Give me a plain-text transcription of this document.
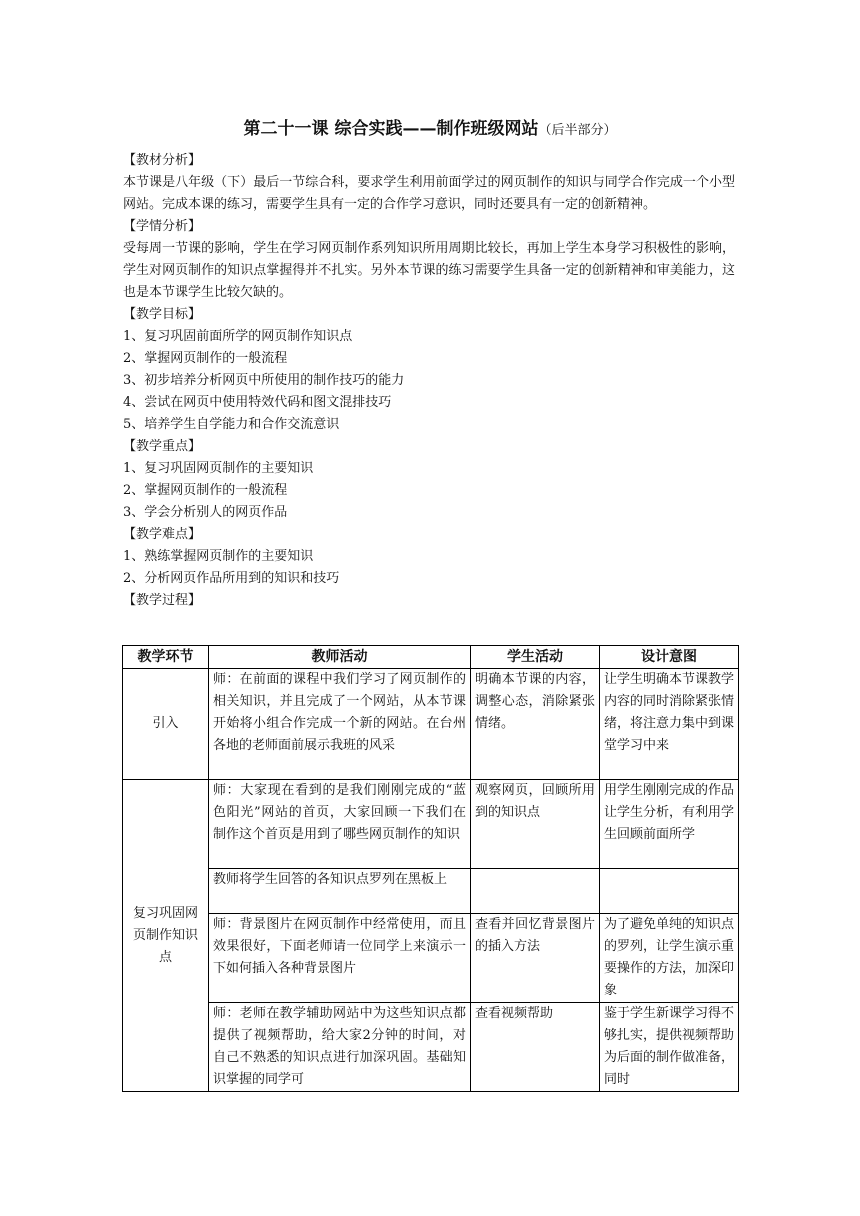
第二十一课 综合实践——制作班级网站（后半部分）
【教材分析】
本节课是八年级（下）最后一节综合科，要求学生利用前面学过的网页制作的知识与同学合作完成一个小型网站。完成本课的练习，需要学生具有一定的合作学习意识，同时还要具有一定的创新精神。
【学情分析】
受每周一节课的影响，学生在学习网页制作系列知识所用周期比较长，再加上学生本身学习积极性的影响，学生对网页制作的知识点掌握得并不扎实。另外本节课的练习需要学生具备一定的创新精神和审美能力，这也是本节课学生比较欠缺的。
【教学目标】
1、复习巩固前面所学的网页制作知识点
2、掌握网页制作的一般流程
3、初步培养分析网页中所使用的制作技巧的能力
4、尝试在网页中使用特效代码和图文混排技巧
5、培养学生自学能力和合作交流意识
【教学重点】
1、复习巩固网页制作的主要知识
2、掌握网页制作的一般流程
3、学会分析别人的网页作品
【教学难点】
1、熟练掌握网页制作的主要知识
2、分析网页作品所用到的知识和技巧
【教学过程】
教学环节	教师活动	学生活动	设计意图
引入	师：在前面的课程中我们学习了网页制作的相关知识，并且完成了一个网站，从本节课开始将小组合作完成一个新的网站。在台州各地的老师面前展示我班的风采	明确本节课的内容，调整心态，消除紧张情绪。	让学生明确本节课教学内容的同时消除紧张情绪，将注意力集中到课堂学习中来
复习巩固网页制作知识点	师：大家现在看到的是我们刚刚完成的“蓝色阳光”网站的首页，大家回顾一下我们在制作这个首页是用到了哪些网页制作的知识	观察网页，回顾所用到的知识点	用学生刚刚完成的作品让学生分析，有利用学生回顾前面所学
	教师将学生回答的各知识点罗列在黑板上		
	师：背景图片在网页制作中经常使用，而且效果很好，下面老师请一位同学上来演示一下如何插入各种背景图片	查看并回忆背景图片的插入方法	为了避免单纯的知识点的罗列，让学生演示重要操作的方法，加深印象
	师：老师在教学辅助网站中为这些知识点都提供了视频帮助，给大家2分钟的时间，对自己不熟悉的知识点进行加深巩固。基础知识掌握的同学可	查看视频帮助	鉴于学生新课学习得不够扎实，提供视频帮助为后面的制作做准备，同时
